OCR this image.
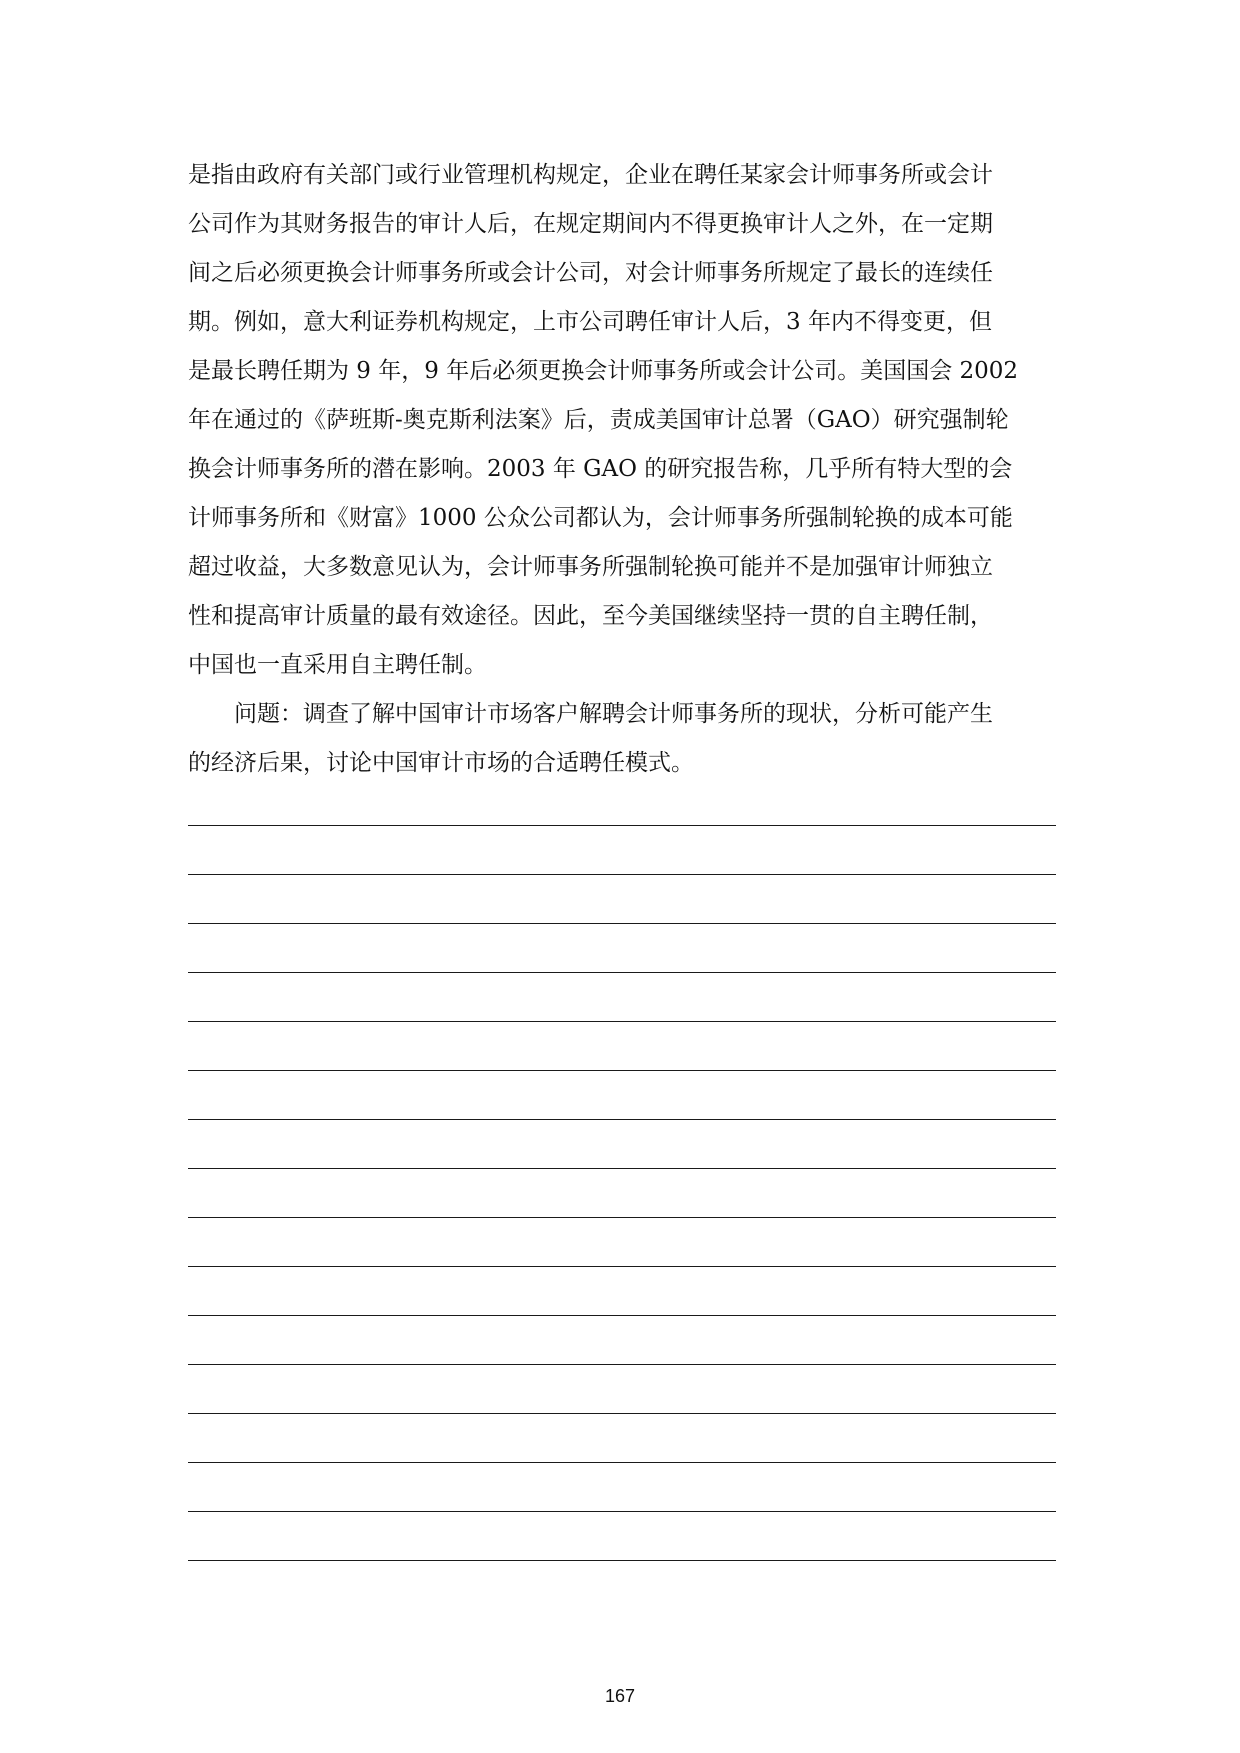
是指由政府有关部门或行业管理机构规定，企业在聘任某家会计师事务所或会计
公司作为其财务报告的审计人后，在规定期间内不得更换审计人之外，在一定期
间之后必须更换会计师事务所或会计公司，对会计师事务所规定了最长的连续任
期。例如，意大利证券机构规定，上市公司聘任审计人后，3 年内不得变更，但
是最长聘任期为 9 年，9 年后必须更换会计师事务所或会计公司。美国国会 2002
年在通过的《萨班斯-奥克斯利法案》后，责成美国审计总署（GAO）研究强制轮
换会计师事务所的潜在影响。2003 年 GAO 的研究报告称，几乎所有特大型的会
计师事务所和《财富》1000 公众公司都认为，会计师事务所强制轮换的成本可能
超过收益，大多数意见认为，会计师事务所强制轮换可能并不是加强审计师独立
性和提高审计质量的最有效途径。因此，至今美国继续坚持一贯的自主聘任制，
中国也一直采用自主聘任制。
　　问题：调查了解中国审计市场客户解聘会计师事务所的现状，分析可能产生
的经济后果，讨论中国审计市场的合适聘任模式。
167
